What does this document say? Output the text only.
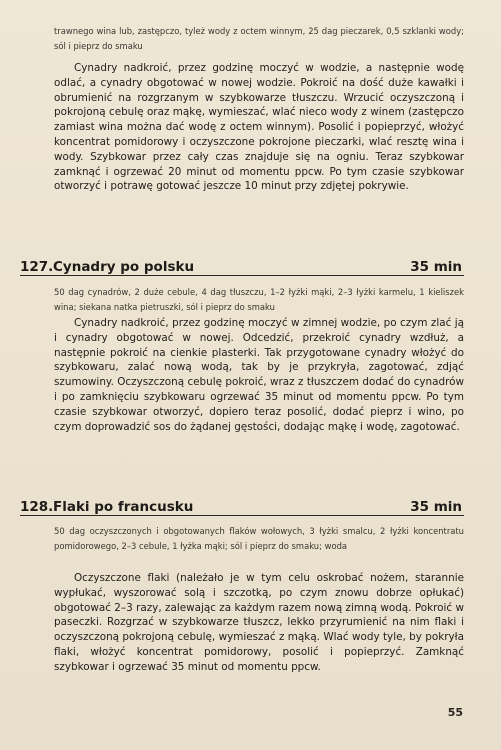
trawnego wina lub, zastępczo, tyleż wody z octem winnym, 25 dag pieczarek, 0,5 szklanki wody; sól i pieprz do smaku
Cynadry nadkroić, przez godzinę moczyć w wodzie, a następnie wodę odlać, a cynadry obgotować w nowej wodzie. Pokroić na dość duże kawałki i obrumienić na rozgrzanym w szybkowarze tłuszczu. Wrzucić oczyszczoną i pokrojoną cebulę oraz mąkę, wymieszać, wlać nieco wody z winem (zastępczo zamiast wina można dać wodę z octem winnym). Posolić i popieprzyć, włożyć koncentrat pomidorowy i oczyszczone pokrojone pieczarki, wlać resztę wina i wody. Szybkowar przez cały czas znajduje się na ogniu. Teraz szybkowar zamknąć i ogrzewać 20 minut od momentu ppcw. Po tym czasie szybkowar otworzyć i potrawę gotować jeszcze 10 minut przy zdjętej pokrywie.
127. Cynadry po polsku	35 min
50 dag cynadrów, 2 duże cebule, 4 dag tłuszczu, 1–2 łyżki mąki, 2–3 łyżki karmelu, 1 kieliszek wina; siekana natka pietruszki, sól i pieprz do smaku
Cynadry nadkroić, przez godzinę moczyć w zimnej wodzie, po czym zlać ją i cynadry obgotować w nowej. Odcedzić, przekroić cynadry wzdłuż, a następnie pokroić na cienkie plasterki. Tak przygotowane cynadry włożyć do szybkowaru, zalać nową wodą, tak by je przykryła, zagotować, zdjąć szumowiny. Oczyszczoną cebulę pokroić, wraz z tłuszczem dodać do cynadrów i po zamknięciu szybkowaru ogrzewać 35 minut od momentu ppcw. Po tym czasie szybkowar otworzyć, dopiero teraz posolić, dodać pieprz i wino, po czym doprowadzić sos do żądanej gęstości, dodając mąkę i wodę, zagotować.
128. Flaki po francusku	35 min
50 dag oczyszczonych i obgotowanych flaków wołowych, 3 łyżki smalcu, 2 łyżki koncentratu pomidorowego, 2–3 cebule, 1 łyżka mąki; sól i pieprz do smaku; woda
Oczyszczone flaki (należało je w tym celu oskrobać nożem, starannie wypłukać, wyszorować solą i szczotką, po czym znowu dobrze opłukać) obgotować 2–3 razy, zalewając za każdym razem nową zimną wodą. Pokroić w paseczki. Rozgrzać w szybkowarze tłuszcz, lekko przyrumienić na nim flaki i oczyszczoną pokrojoną cebulę, wymieszać z mąką. Wlać wody tyle, by pokryła flaki, włożyć koncentrat pomidorowy, posolić i popieprzyć. Zamknąć szybkowar i ogrzewać 35 minut od momentu ppcw.
55
